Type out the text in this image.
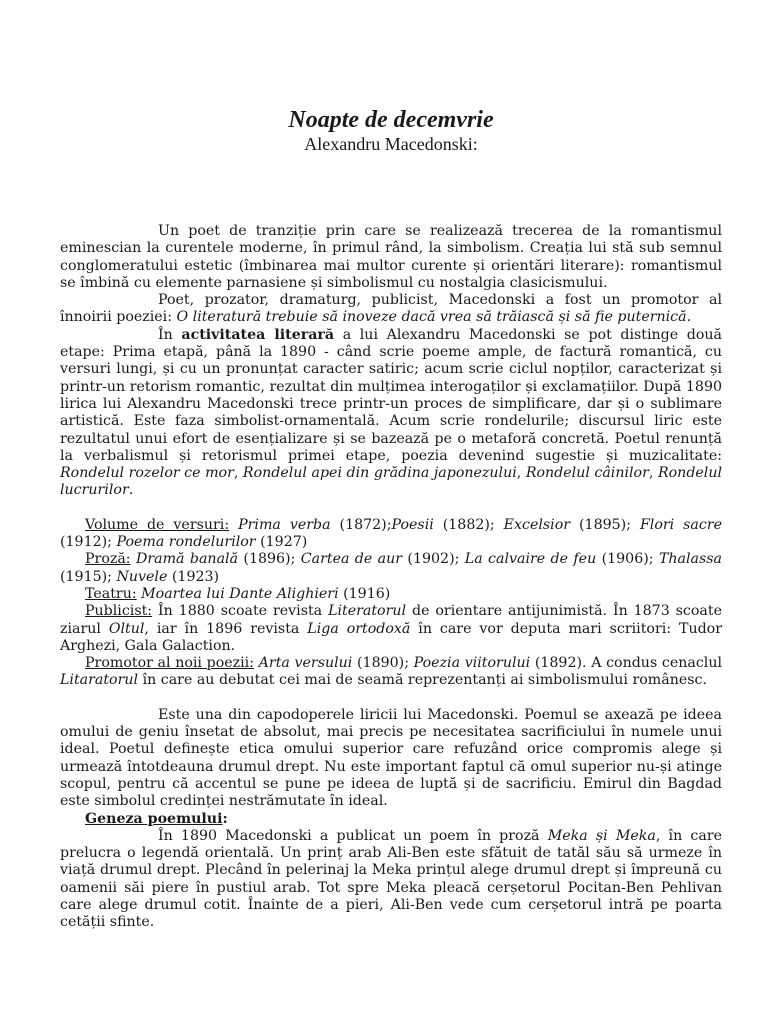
Noapte de decemvrie
Alexandru Macedonski:

Un poet de tranziție prin care se realizează trecerea de la romantismul eminescian la curentele moderne, în primul rând, la simbolism. Creația lui stă sub semnul conglomeratului estetic (îmbinarea mai multor curente și orientări literare): romantismul se îmbină cu elemente parnasiene și simbolismul cu nostalgia clasicismului.

Poet, prozator, dramaturg, publicist, Macedonski a fost un promotor al înnoirii poeziei: O literatură trebuie să inoveze dacă vrea să trăiască și să fie puternică.

În activitatea literară a lui Alexandru Macedonski se pot distinge două etape: Prima etapă, până la 1890 - când scrie poeme ample, de factură romantică, cu versuri lungi, și cu un pronunțat caracter satiric; acum scrie ciclul nopților, caracterizat și printr-un retorism romantic, rezultat din mulțimea interogaților și exclamațiilor. După 1890 lirica lui Alexandru Macedonski trece printr-un proces de simplificare, dar și o sublimare artistică. Este faza simbolist-ornamentală. Acum scrie rondelurile; discursul liric este rezultatul unui efort de esențializare și se bazează pe o metaforă concretă. Poetul renunță la verbalismul și retorismul primei etape, poezia devenind sugestie și muzicalitate: Rondelul rozelor ce mor, Rondelul apei din grădina japonezului, Rondelul câinilor, Rondelul lucrurilor.

Volume de versuri: Prima verba (1872);Poesii (1882); Excelsior (1895); Flori sacre (1912); Poema rondelurilor (1927)

Proză: Dramă banală (1896); Cartea de aur (1902); La calvaire de feu (1906); Thalassa (1915); Nuvele (1923)

Teatru: Moartea lui Dante Alighieri (1916)

Publicist: În 1880 scoate revista Literatorul de orientare antijunimistă. În 1873 scoate ziarul Oltul, iar în 1896 revista Liga ortodoxă în care vor deputa mari scriitori: Tudor Arghezi, Gala Galaction.

Promotor al noii poezii: Arta versului (1890); Poezia viitorului (1892). A condus cenaclul Litaratorul în care au debutat cei mai de seamă reprezentanți ai simbolismului românesc.

Este una din capodoperele liricii lui Macedonski. Poemul se axează pe ideea omului de geniu însetat de absolut, mai precis pe necesitatea sacrificiului în numele unui ideal. Poetul definește etica omului superior care refuzând orice compromis alege și urmează întotdeauna drumul drept. Nu este important faptul că omul superior nu-și atinge scopul, pentru că accentul se pune pe ideea de luptă și de sacrificiu. Emirul din Bagdad este simbolul credinței nestrămutate în ideal.

Geneza poemului:

În 1890 Macedonski a publicat un poem în proză Meka și Meka, în care prelucra o legendă orientală. Un prinț arab Ali-Ben este sfătuit de tatăl său să urmeze în viață drumul drept. Plecând în pelerinaj la Meka prințul alege drumul drept și împreună cu oamenii săi piere în pustiul arab. Tot spre Meka pleacă cerșetorul Pocitan-Ben Pehlivan care alege drumul cotit. Înainte de a pieri, Ali-Ben vede cum cerșetorul intră pe poarta cetății sfinte.
